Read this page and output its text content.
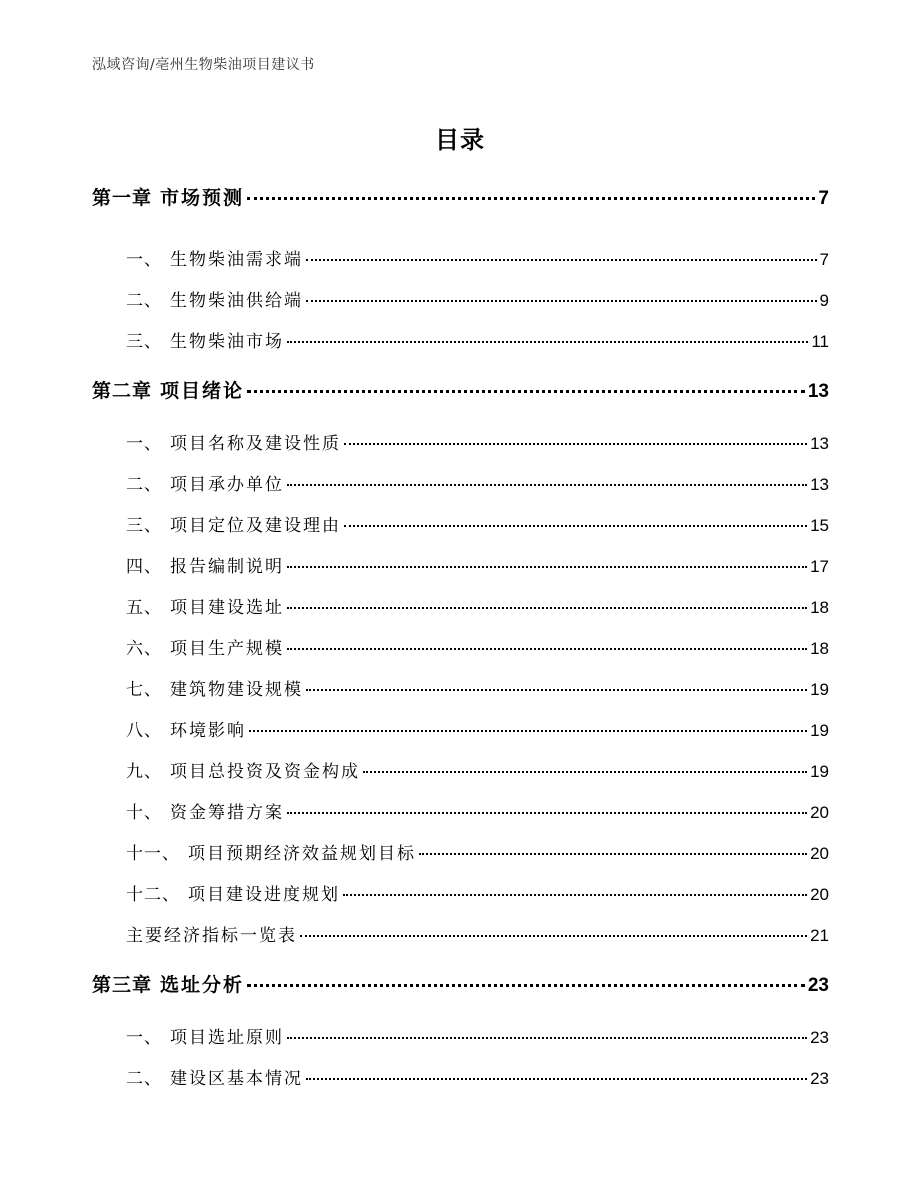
泓域咨询/亳州生物柴油项目建议书
目录
第一章 市场预测	7
一、 生物柴油需求端	7
二、 生物柴油供给端	9
三、 生物柴油市场	11
第二章 项目绪论	13
一、 项目名称及建设性质	13
二、 项目承办单位	13
三、 项目定位及建设理由	15
四、 报告编制说明	17
五、 项目建设选址	18
六、 项目生产规模	18
七、 建筑物建设规模	19
八、 环境影响	19
九、 项目总投资及资金构成	19
十、 资金筹措方案	20
十一、 项目预期经济效益规划目标	20
十二、 项目建设进度规划	20
主要经济指标一览表	21
第三章 选址分析	23
一、 项目选址原则	23
二、 建设区基本情况	23
